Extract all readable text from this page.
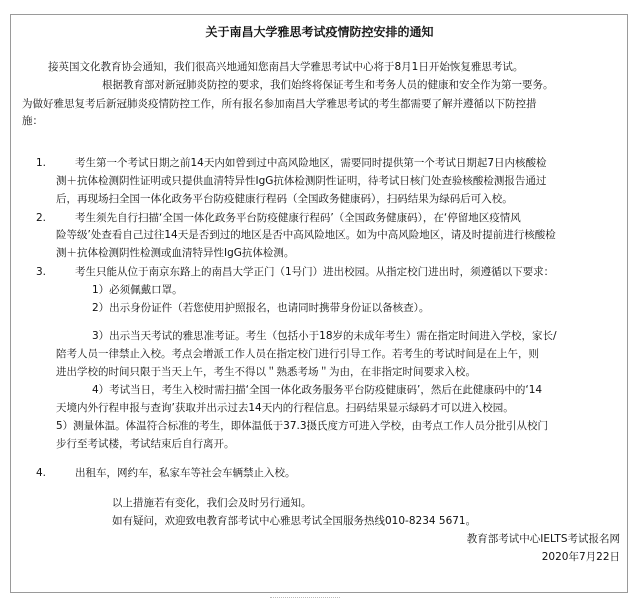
关于南昌大学雅思考试疫情防控安排的通知
接英国文化教育协会通知，我们很高兴地通知您南昌大学雅思考试中心将于8月1日开始恢复雅思考试。
根据教育部对新冠肺炎防控的要求，我们始终将保证考生和考务人员的健康和安全作为第一要务。
为做好雅思复考后新冠肺炎疫情防控工作，所有报名参加南昌大学雅思考试的考生都需要了解并遵循以下防控措
施：
1.	考生第一个考试日期之前14天内如曾到过中高风险地区，需要同时提供第一个考试日期起7日内核酸检
测＋抗体检测阴性证明或只提供血清特异性IgG抗体检测阴性证明，待考试日核门处查验核酸检测报告通过
后，再现场扫全国一体化政务平台防疫健康行程码（全国政务健康码），扫码结果为绿码后可入校。
2.	考生须先自行扫描‘全国一体化政务平台防疫健康行程码’（全国政务健康码），在‘停留地区疫情风
险等级’处查看自己过往14天是否到过的地区是否中高风险地区。如为中高风险地区，请及时提前进行核酸检
测＋抗体检测阴性检测或血清特异性IgG抗体检测。
3.	考生只能从位于南京东路上的南昌大学正门（1号门）进出校园。从指定校门进出时，须遵循以下要求：
1）必须佩戴口罩。
2）出示身份证件（若您使用护照报名，也请同时携带身份证以备核查）。
3）出示当天考试的雅思准考证。考生（包括小于18岁的未成年考生）需在指定时间进入学校，家长/
陪考人员一律禁止入校。考点会增派工作人员在指定校门进行引导工作。若考生的考试时间是在上午，则
进出学校的时间只限于当天上午，考生不得以＂熟悉考场＂为由，在非指定时间要求入校。
4）考试当日，考生入校时需扫描‘全国一体化政务服务平台防疫健康码’，然后在此健康码中的‘14
天境内外行程申报与查询’获取并出示过去14天内的行程信息。扫码结果显示绿码才可以进入校园。
5）测量体温。体温符合标准的考生，即体温低于37.3摄氏度方可进入学校，由考点工作人员分批引从校门
步行至考试楼，考试结束后自行离开。
4.	出租车，网约车，私家车等社会车辆禁止入校。
以上措施若有变化，我们会及时另行通知。
如有疑问，欢迎致电教育部考试中心雅思考试全国服务热线010-8234 5671。
教育部考试中心IELTS考试报名网
2020年7月22日
